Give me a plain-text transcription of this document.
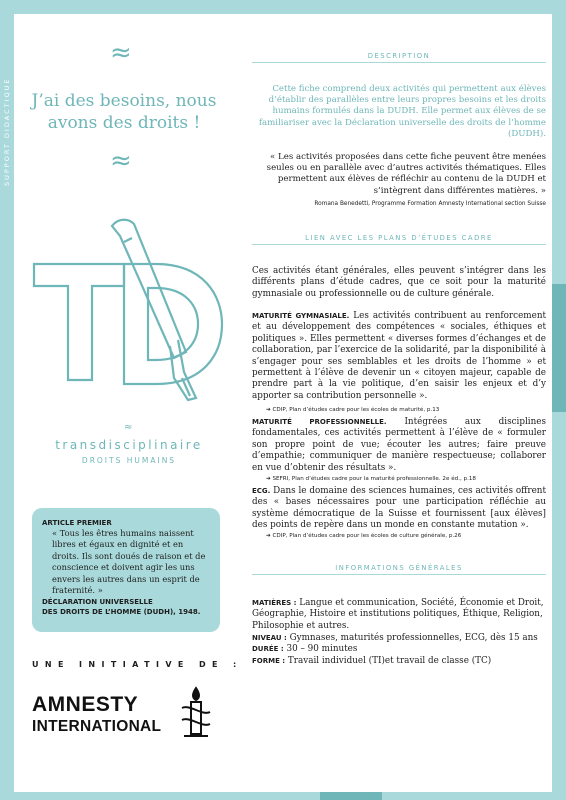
SUPPORT DIDACTIQUE
≈
J’ai des besoins, nous
avons des droits !
≈
≈
transdisciplinaire
DROITS HUMAINS
ARTICLE PREMIER
« Tous les êtres humains naissent libres et égaux en dignité et en droits. Ils sont doués de raison et de conscience et doivent agir les uns envers les autres dans un esprit de fraternité. »
DÉCLARATION UNIVERSELLE
DES DROITS DE L’HOMME (DUDH), 1948.
UNE INITIATIVE DE :
AMNESTY
INTERNATIONAL
DESCRIPTION
Cette fiche comprend deux activités qui permettent aux élèves d’établir des parallèles entre leurs propres besoins et les droits humains formulés dans la DUDH. Elle permet aux élèves de se familiariser avec la Déclaration universelle des droits de l’homme (DUDH).
« Les activités proposées dans cette fiche peuvent être menées seules ou en parallèle avec d’autres activités thématiques. Elles permettent aux élèves de réfléchir au contenu de la DUDH et s’intègrent dans différentes matières. »
Romana Benedetti, Programme Formation Amnesty International section Suisse
LIEN AVEC LES PLANS D’ÉTUDES CADRE
Ces activités étant générales, elles peuvent s’intégrer dans les différents plans d’étude cadres, que ce soit pour la maturité gymnasiale ou professionnelle ou de culture générale.
MATURITÉ GYMNASIALE. Les activités contribuent au renforcement et au développement des compétences « sociales, éthiques et politiques ». Elles permettent « diverses formes d’échanges et de collaboration, par l’exercice de la solidarité, par la disponibilité à s’engager pour ses semblables et les droits de l’homme » et permettent à l’élève de devenir un « citoyen majeur, capable de prendre part à la vie politique, d’en saisir les enjeux et d’y apporter sa contribution personnelle ».
➔ CDIP, Plan d’études cadre pour les écoles de maturité, p.13
MATURITÉ PROFESSIONNELLE. Intégrées aux disciplines fondamentales, ces activités permettent à l’élève de « formuler son propre point de vue; écouter les autres; faire preuve d’empathie; communiquer de manière respectueuse; collaborer en vue d’obtenir des résultats ».
➔ SEFRI, Plan d’études cadre pour la maturité professionnelle. 2e éd., p.18
ECG. Dans le domaine des sciences humaines, ces activités offrent des « bases nécessaires pour une participation réfléchie au système démocratique de la Suisse et fournissent [aux élèves] des points de repère dans un monde en constante mutation ».
➔ CDIP, Plan d’études cadre pour les écoles de culture générale, p.26
INFORMATIONS GÉNÉRALES
MATIÈRES : Langue et communication, Société, Économie et Droit, Géographie, Histoire et institutions politiques, Éthique, Religion, Philosophie et autres.
NIVEAU : Gymnases, maturités professionnelles, ECG, dès 15 ans
DURÉE : 30 – 90 minutes
FORME : Travail individuel (TI)et travail de classe (TC)
